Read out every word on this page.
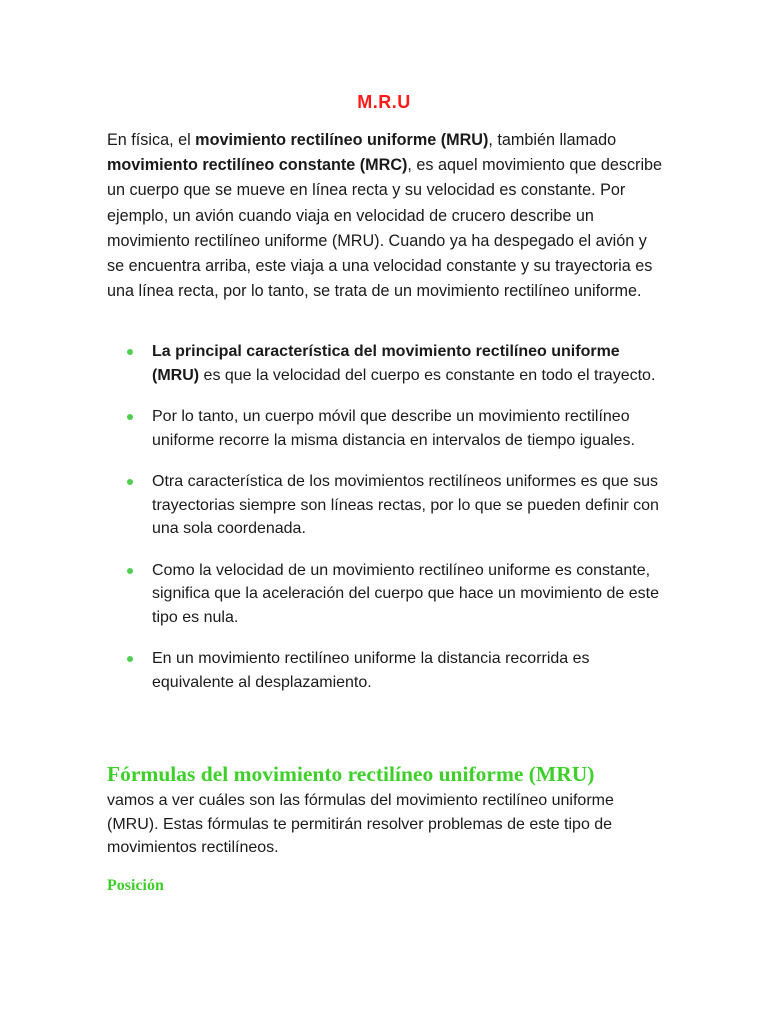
M.R.U

En física, el movimiento rectilíneo uniforme (MRU), también llamado movimiento rectilíneo constante (MRC), es aquel movimiento que describe un cuerpo que se mueve en línea recta y su velocidad es constante. Por ejemplo, un avión cuando viaja en velocidad de crucero describe un movimiento rectilíneo uniforme (MRU). Cuando ya ha despegado el avión y se encuentra arriba, este viaja a una velocidad constante y su trayectoria es una línea recta, por lo tanto, se trata de un movimiento rectilíneo uniforme.

La principal característica del movimiento rectilíneo uniforme (MRU) es que la velocidad del cuerpo es constante en todo el trayecto.
Por lo tanto, un cuerpo móvil que describe un movimiento rectilíneo uniforme recorre la misma distancia en intervalos de tiempo iguales.
Otra característica de los movimientos rectilíneos uniformes es que sus trayectorias siempre son líneas rectas, por lo que se pueden definir con una sola coordenada.
Como la velocidad de un movimiento rectilíneo uniforme es constante, significa que la aceleración del cuerpo que hace un movimiento de este tipo es nula.
En un movimiento rectilíneo uniforme la distancia recorrida es equivalente al desplazamiento.
Fórmulas del movimiento rectilíneo uniforme (MRU)

vamos a ver cuáles son las fórmulas del movimiento rectilíneo uniforme (MRU). Estas fórmulas te permitirán resolver problemas de este tipo de movimientos rectilíneos.

Posición
